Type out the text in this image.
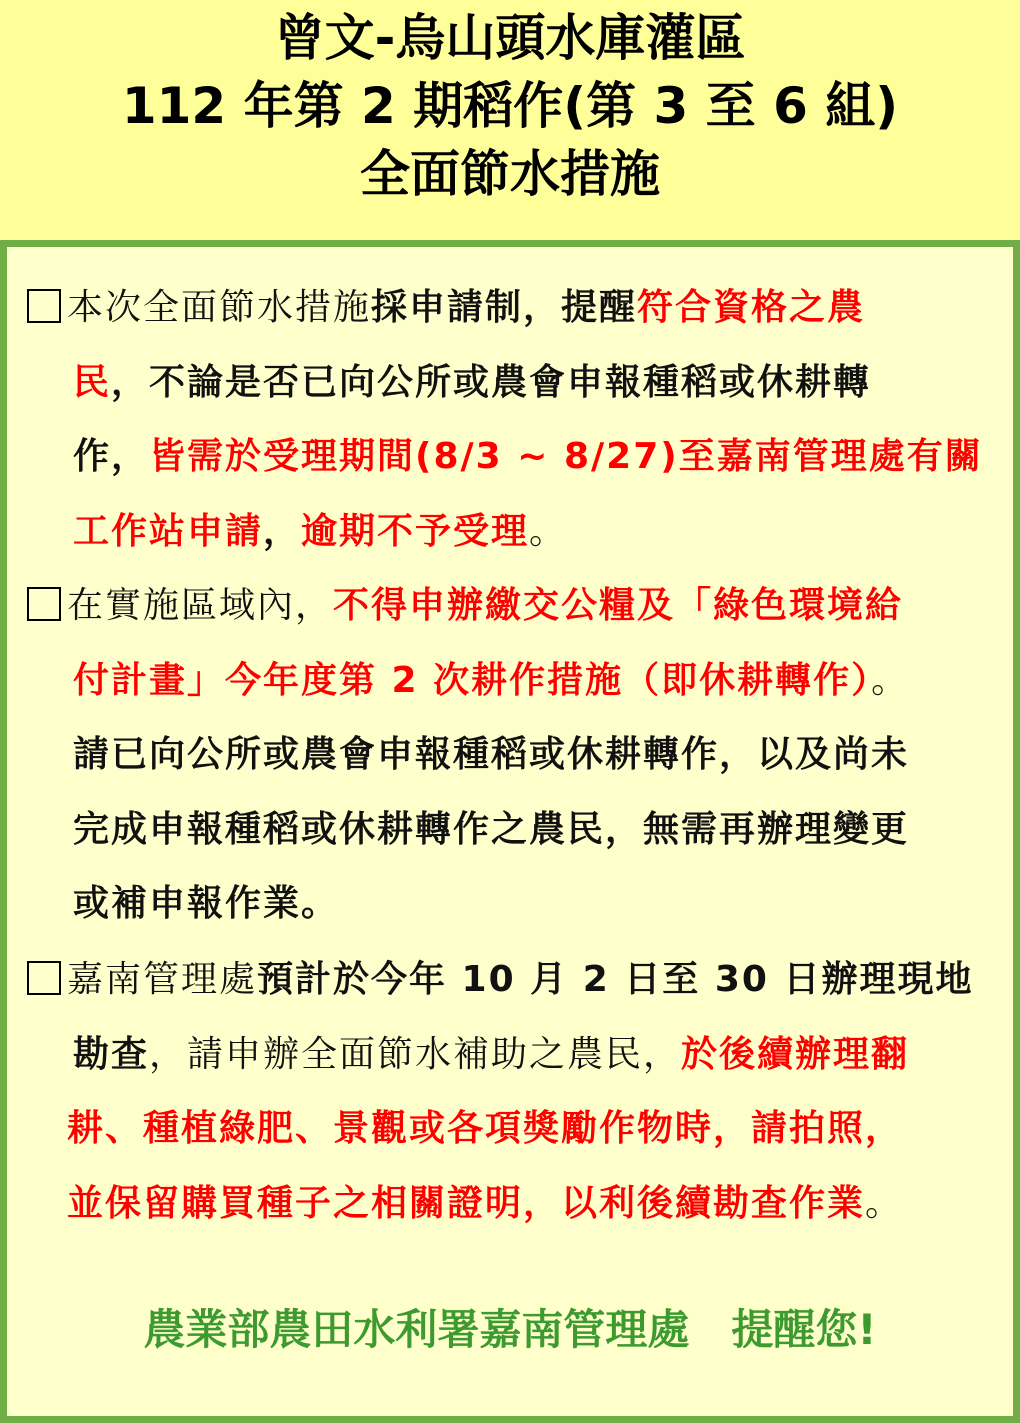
曾文-烏山頭水庫灌區
112 年第 2 期稻作(第 3 至 6 組)
全面節水措施
本次全面節水措施採申請制，提醒符合資格之農
民，不論是否已向公所或農會申報種稻或休耕轉
作，皆需於受理期間(8/3 ~ 8/27)至嘉南管理處有關
工作站申請，逾期不予受理。
在實施區域內，不得申辦繳交公糧及「綠色環境給
付計畫」今年度第 2 次耕作措施（即休耕轉作）。
請已向公所或農會申報種稻或休耕轉作，以及尚未
完成申報種稻或休耕轉作之農民，無需再辦理變更
或補申報作業。
嘉南管理處預計於今年 10 月 2 日至 30 日辦理現地
勘查，請申辦全面節水補助之農民，於後續辦理翻
耕、種植綠肥、景觀或各項獎勵作物時，請拍照，
並保留購買種子之相關證明，以利後續勘查作業。
農業部農田水利署嘉南管理處　提醒您!
